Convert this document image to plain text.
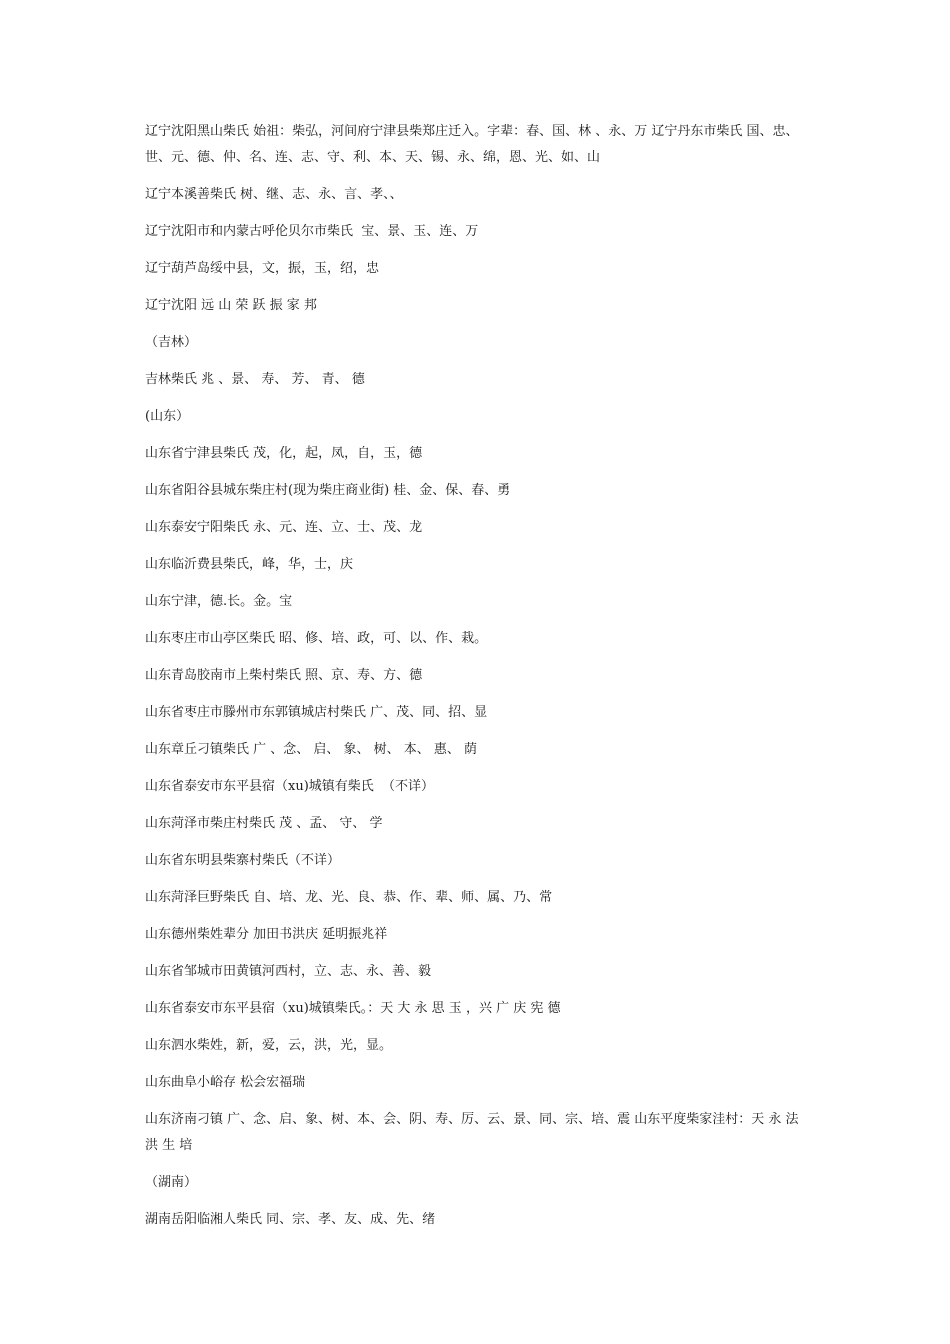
辽宁沈阳黑山柴氏 始祖：柴弘，河间府宁津县柴郑庄迁入。字辈：春、国、林 、永、万 辽宁丹东市柴氏 国、忠、世、元、德、仲、名、连、志、守、利、本、天、锡、永、绵，恩、光、如、山

辽宁本溪善柴氏 树、继、志、永、言、孝、、

辽宁沈阳市和内蒙古呼伦贝尔市柴氏  宝、景、玉、连、万

辽宁葫芦岛绥中县，文，振，玉，绍，忠

辽宁沈阳 远 山 荣 跃 振 家 邦

（吉林）

吉林柴氏 兆 、景、 寿、 芳、 青、 德

(山东）

山东省宁津县柴氏 茂，化，起，凤，自，玉，德

山东省阳谷县城东柴庄村(现为柴庄商业街) 桂、金、保、春、勇

山东泰安宁阳柴氏 永、元、连、立、士、茂、龙

山东临沂费县柴氏，峰，华，士，庆

山东宁津，德.长。金。宝

山东枣庄市山亭区柴氏 昭、修、培、政，可、以、作、栽。

山东青岛胶南市上柴村柴氏 照、京、寿、方、德

山东省枣庄市滕州市东郭镇城店村柴氏 广、茂、同、招、显

山东章丘刁镇柴氏 广 、念、 启、 象、 树、 本、 惠、 荫

山东省泰安市东平县宿（xu)城镇有柴氏  （不详）

山东菏泽市柴庄村柴氏 茂 、孟、 守、 学

山东省东明县柴寨村柴氏（不详）

山东菏泽巨野柴氏 自、培、龙、光、良、恭、作、辈、师、属、乃、常

山东德州柴姓辈分 加田书洪庆 延明振兆祥

山东省邹城市田黄镇河西村，立、志、永、善、毅

山东省泰安市东平县宿（xu)城镇柴氏。：天 大 永 思 玉 ，兴 广 庆 宪 德

山东泗水柴姓，新，爱，云，洪，光，显。

山东曲阜小峪存 松会宏福瑞

山东济南刁镇 广、念、启、象、树、本、会、阴、寿、厉、云、景、同、宗、培、震 山东平度柴家洼村：天 永 法 洪 生 培

（湖南）

湖南岳阳临湘人柴氏 同、宗、孝、友、成、先、绪
